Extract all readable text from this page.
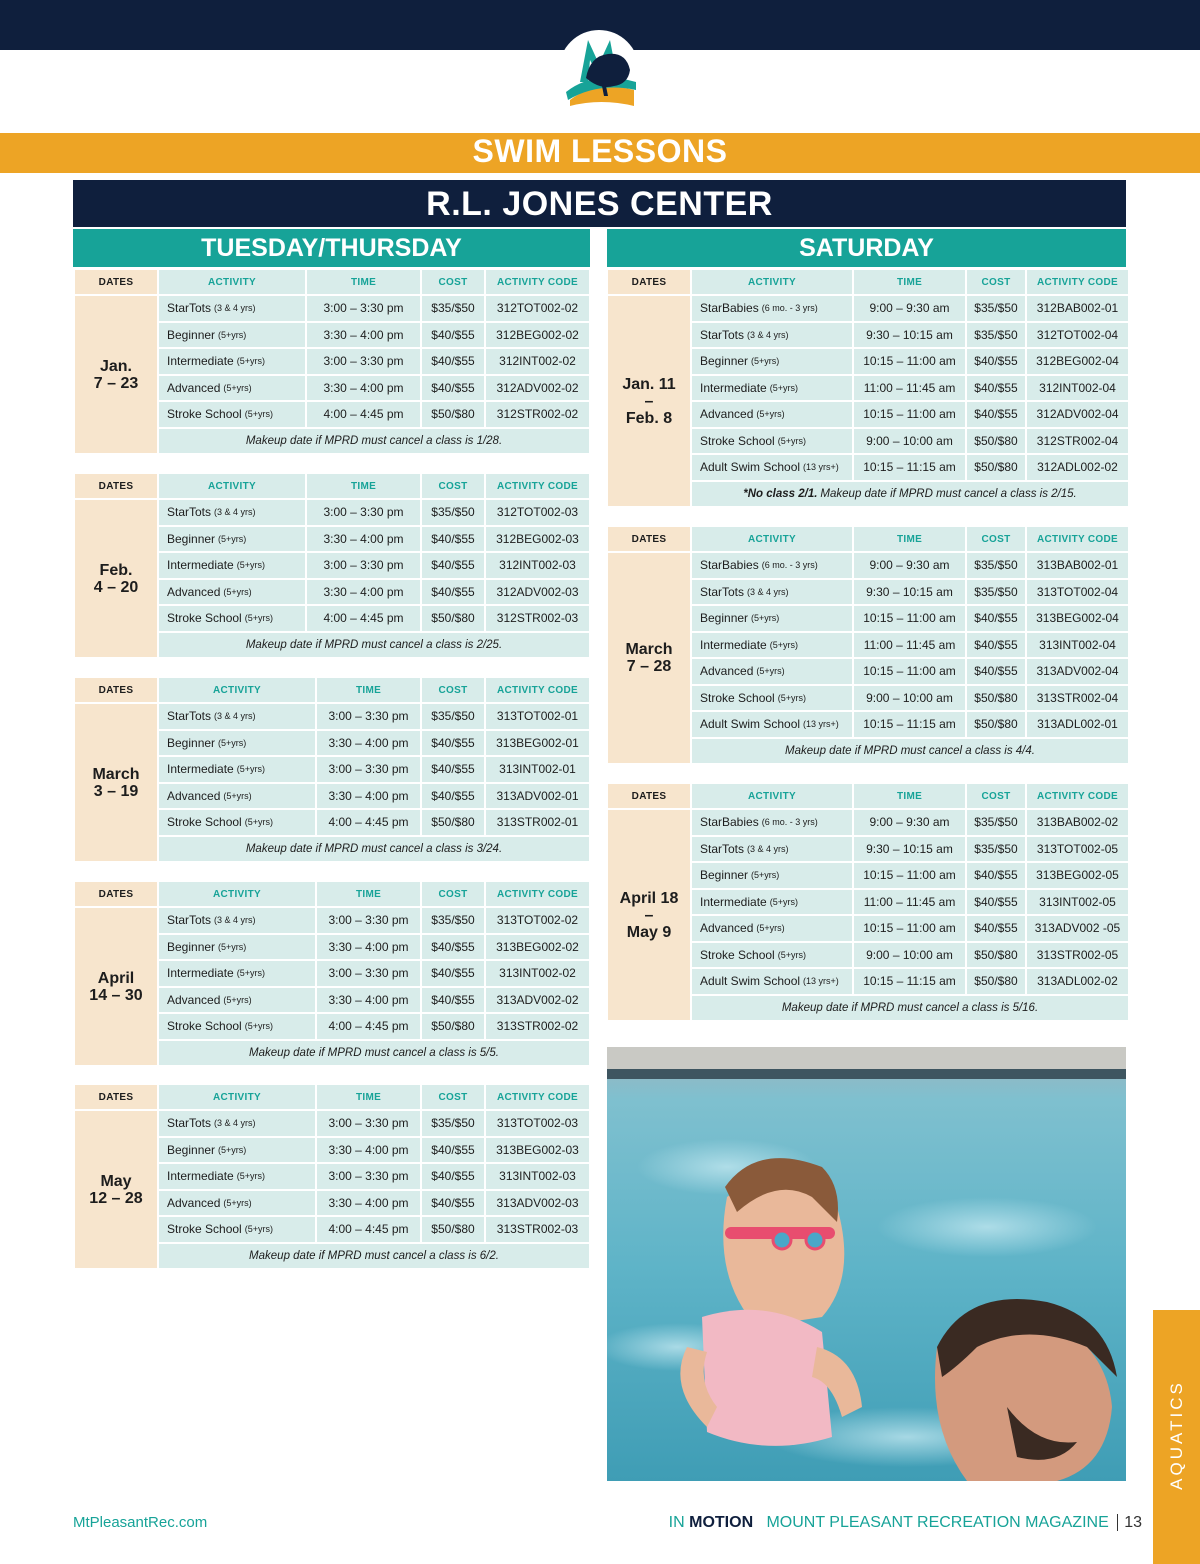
SWIM LESSONS
R.L. JONES CENTER
TUESDAY/THURSDAY	SATURDAY
DATES	ACTIVITY	TIME	COST	ACTIVITY CODE
Jan.
7 – 23
StarTots (3 & 4 yrs)	3:00 – 3:30 pm	$35/$50	312TOT002-02
Beginner (5+yrs)	3:30 – 4:00 pm	$40/$55	312BEG002-02
Intermediate (5+yrs)	3:00 – 3:30 pm	$40/$55	312INT002-02
Advanced (5+yrs)	3:30 – 4:00 pm	$40/$55	312ADV002-02
Stroke School (5+yrs)	4:00 – 4:45 pm	$50/$80	312STR002-02
Makeup date if MPRD must cancel a class is 1/28.
DATES	ACTIVITY	TIME	COST	ACTIVITY CODE
Feb.
4 – 20
StarTots (3 & 4 yrs)	3:00 – 3:30 pm	$35/$50	312TOT002-03
Beginner (5+yrs)	3:30 – 4:00 pm	$40/$55	312BEG002-03
Intermediate (5+yrs)	3:00 – 3:30 pm	$40/$55	312INT002-03
Advanced (5+yrs)	3:30 – 4:00 pm	$40/$55	312ADV002-03
Stroke School (5+yrs)	4:00 – 4:45 pm	$50/$80	312STR002-03
Makeup date if MPRD must cancel a class is 2/25.
DATES	ACTIVITY	TIME	COST	ACTIVITY CODE
March
3 – 19
StarTots (3 & 4 yrs)	3:00 – 3:30 pm	$35/$50	313TOT002-01
Beginner (5+yrs)	3:30 – 4:00 pm	$40/$55	313BEG002-01
Intermediate (5+yrs)	3:00 – 3:30 pm	$40/$55	313INT002-01
Advanced (5+yrs)	3:30 – 4:00 pm	$40/$55	313ADV002-01
Stroke School (5+yrs)	4:00 – 4:45 pm	$50/$80	313STR002-01
Makeup date if MPRD must cancel a class is 3/24.
DATES	ACTIVITY	TIME	COST	ACTIVITY CODE
April
14 – 30
StarTots (3 & 4 yrs)	3:00 – 3:30 pm	$35/$50	313TOT002-02
Beginner (5+yrs)	3:30 – 4:00 pm	$40/$55	313BEG002-02
Intermediate (5+yrs)	3:00 – 3:30 pm	$40/$55	313INT002-02
Advanced (5+yrs)	3:30 – 4:00 pm	$40/$55	313ADV002-02
Stroke School (5+yrs)	4:00 – 4:45 pm	$50/$80	313STR002-02
Makeup date if MPRD must cancel a class is 5/5.
DATES	ACTIVITY	TIME	COST	ACTIVITY CODE
May
12 – 28
StarTots (3 & 4 yrs)	3:00 – 3:30 pm	$35/$50	313TOT002-03
Beginner (5+yrs)	3:30 – 4:00 pm	$40/$55	313BEG002-03
Intermediate (5+yrs)	3:00 – 3:30 pm	$40/$55	313INT002-03
Advanced (5+yrs)	3:30 – 4:00 pm	$40/$55	313ADV002-03
Stroke School (5+yrs)	4:00 – 4:45 pm	$50/$80	313STR002-03
Makeup date if MPRD must cancel a class is 6/2.
DATES	ACTIVITY	TIME	COST	ACTIVITY CODE
Jan. 11
–
Feb. 8
StarBabies (6 mo. - 3 yrs)	9:00 – 9:30 am	$35/$50	312BAB002-01
StarTots (3 & 4 yrs)	9:30 – 10:15 am	$35/$50	312TOT002-04
Beginner (5+yrs)	10:15 – 11:00 am	$40/$55	312BEG002-04
Intermediate (5+yrs)	11:00 – 11:45 am	$40/$55	312INT002-04
Advanced (5+yrs)	10:15 – 11:00 am	$40/$55	312ADV002-04
Stroke School (5+yrs)	9:00 – 10:00 am	$50/$80	312STR002-04
Adult Swim School (13 yrs+)	10:15 – 11:15 am	$50/$80	312ADL002-02
*No class 2/1. Makeup date if MPRD must cancel a class is 2/15.
DATES	ACTIVITY	TIME	COST	ACTIVITY CODE
March
7 – 28
StarBabies (6 mo. - 3 yrs)	9:00 – 9:30 am	$35/$50	313BAB002-01
StarTots (3 & 4 yrs)	9:30 – 10:15 am	$35/$50	313TOT002-04
Beginner (5+yrs)	10:15 – 11:00 am	$40/$55	313BEG002-04
Intermediate (5+yrs)	11:00 – 11:45 am	$40/$55	313INT002-04
Advanced (5+yrs)	10:15 – 11:00 am	$40/$55	313ADV002-04
Stroke School (5+yrs)	9:00 – 10:00 am	$50/$80	313STR002-04
Adult Swim School (13 yrs+)	10:15 – 11:15 am	$50/$80	313ADL002-01
Makeup date if MPRD must cancel a class is 4/4.
DATES	ACTIVITY	TIME	COST	ACTIVITY CODE
April 18
–
May 9
StarBabies (6 mo. - 3 yrs)	9:00 – 9:30 am	$35/$50	313BAB002-02
StarTots (3 & 4 yrs)	9:30 – 10:15 am	$35/$50	313TOT002-05
Beginner (5+yrs)	10:15 – 11:00 am	$40/$55	313BEG002-05
Intermediate (5+yrs)	11:00 – 11:45 am	$40/$55	313INT002-05
Advanced (5+yrs)	10:15 – 11:00 am	$40/$55	313ADV002 -05
Stroke School (5+yrs)	9:00 – 10:00 am	$50/$80	313STR002-05
Adult Swim School (13 yrs+)	10:15 – 11:15 am	$50/$80	313ADL002-02
Makeup date if MPRD must cancel a class is 5/16.
AQUATICS
MtPleasantRec.com	IN MOTION MOUNT PLEASANT RECREATION MAGAZINE 13
